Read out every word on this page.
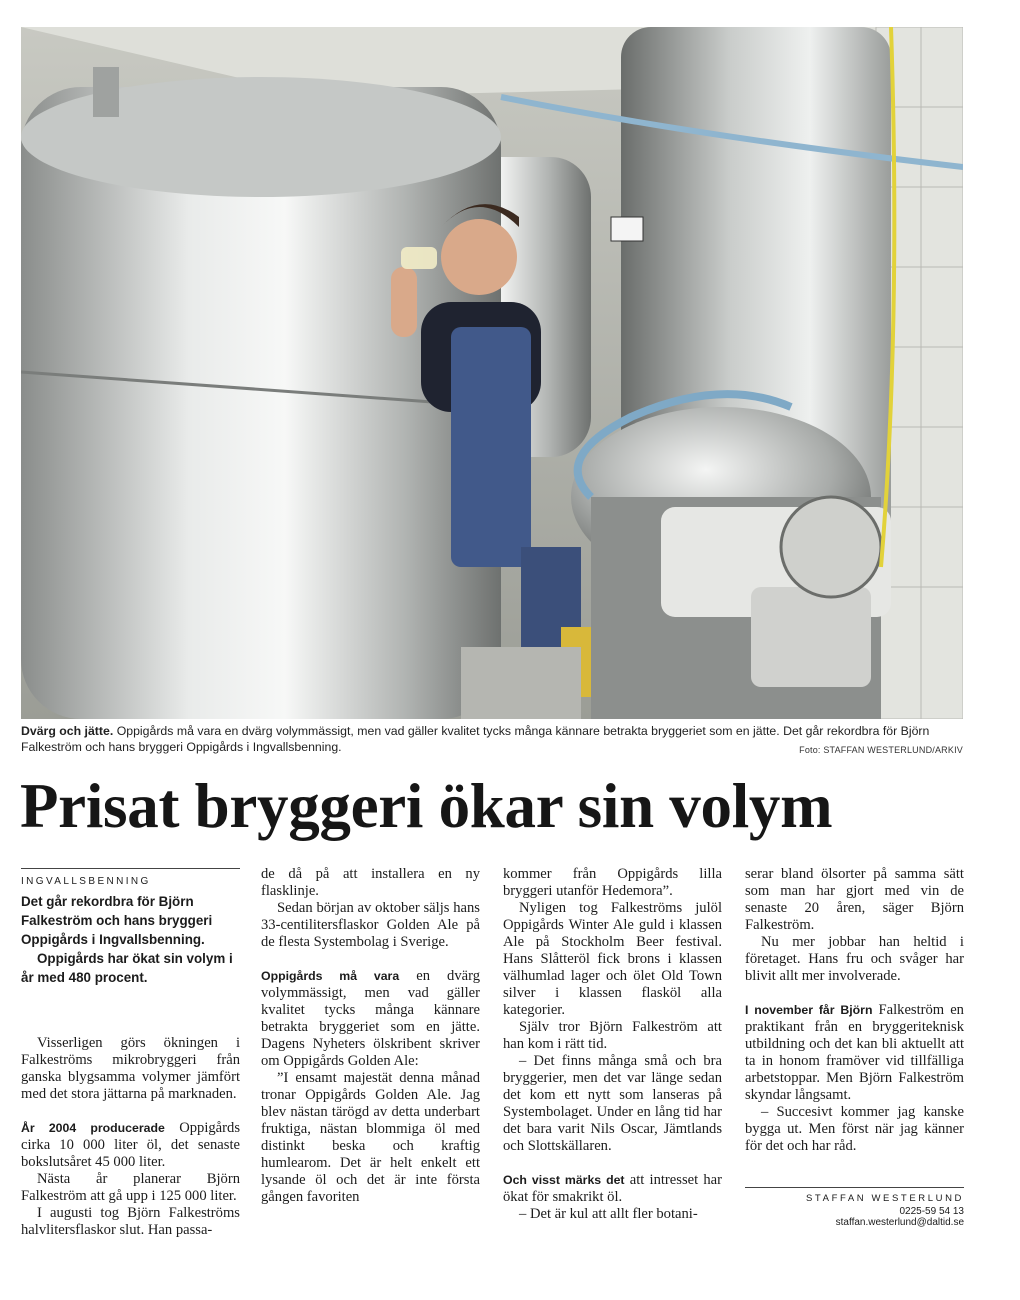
Dvärg och jätte. Oppigårds må vara en dvärg volymmässigt, men vad gäller kvalitet tycks många kännare betrakta bryggeriet som en jätte. Det går rekordbra för Björn Falkeström och hans bryggeri Oppigårds i Ingvallsbenning.	Foto: STAFFAN WESTERLUND/ARKIV
Prisat bryggeri ökar sin volym
INGVALLSBENNING

Det går rekordbra för Björn Falkeström och hans bryggeri Oppigårds i Ingvallsbenning.

Oppigårds har ökat sin volym i år med 480 procent.

Visserligen görs ökningen i Falkeströms mikrobryggeri från ganska blygsamma volymer jämfört med det stora jättarna på marknaden.

År 2004 producerade Oppigårds cirka 10 000 liter öl, det senaste bokslutsåret 45 000 liter.

Nästa år planerar Björn Falkeström att gå upp i 125 000 liter.

I augusti tog Björn Falkeströms halvlitersflaskor slut. Han passa-

de då på att installera en ny flasklinje.

Sedan början av oktober säljs hans 33-centilitersflaskor Golden Ale på de flesta Systembolag i Sverige.

Oppigårds må vara en dvärg volymmässigt, men vad gäller kvalitet tycks många kännare betrakta bryggeriet som en jätte. Dagens Nyheters ölskribent skriver om Oppigårds Golden Ale:

”I ensamt majestät denna månad tronar Oppigårds Golden Ale. Jag blev nästan tärögd av detta underbart fruktiga, nästan blommiga öl med distinkt beska och kraftig humlearom. Det är helt enkelt ett lysande öl och det är inte första gången favoriten

kommer från Oppigårds lilla bryggeri utanför Hedemora”.

Nyligen tog Falkeströms julöl Oppigårds Winter Ale guld i klassen Ale på Stockholm Beer festival. Hans Slåtteröl fick brons i klassen välhumlad lager och ölet Old Town silver i klassen flasköl alla kategorier.

Själv tror Björn Falkeström att han kom i rätt tid.

– Det finns många små och bra bryggerier, men det var länge sedan det kom ett nytt som lanseras på Systembolaget. Under en lång tid har det bara varit Nils Oscar, Jämtlands och Slottskällaren.

Och visst märks det att intresset har ökat för smakrikt öl.

– Det är kul att allt fler botani-

serar bland ölsorter på samma sätt som man har gjort med vin de senaste 20 åren, säger Björn Falkeström.

Nu mer jobbar han heltid i företaget. Hans fru och svåger har blivit allt mer involverade.

I november får Björn Falkeström en praktikant från en bryggeriteknisk utbildning och det kan bli aktuellt att ta in honom framöver vid tillfälliga arbetstoppar. Men Björn Falkeström skyndar långsamt.

– Succesivt kommer jag kanske bygga ut. Men först när jag känner för det och har råd.

STAFFAN WESTERLUND
0225-59 54 13
staffan.westerlund@daltid.se
